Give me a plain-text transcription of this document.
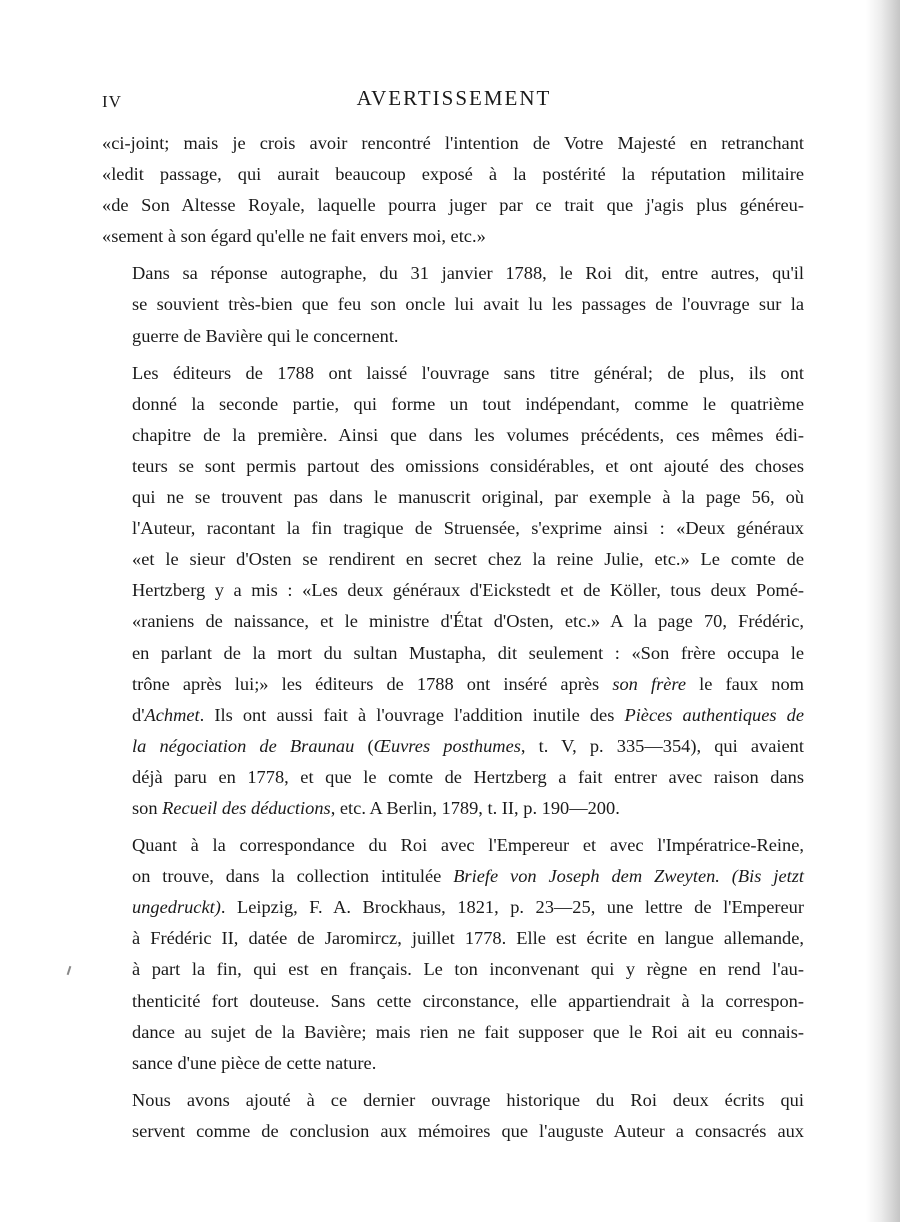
IV	AVERTISSEMENT

«ci-joint; mais je crois avoir rencontré l'intention de Votre Majesté en retranchant
«ledit passage, qui aurait beaucoup exposé à la postérité la réputation militaire
«de Son Altesse Royale, laquelle pourra juger par ce trait que j'agis plus généreu-
«sement à son égard qu'elle ne fait envers moi, etc.»

Dans sa réponse autographe, du 31 janvier 1788, le Roi dit, entre autres, qu'il
se souvient très-bien que feu son oncle lui avait lu les passages de l'ouvrage sur la
guerre de Bavière qui le concernent.

Les éditeurs de 1788 ont laissé l'ouvrage sans titre général; de plus, ils ont
donné la seconde partie, qui forme un tout indépendant, comme le quatrième
chapitre de la première. Ainsi que dans les volumes précédents, ces mêmes édi-
teurs se sont permis partout des omissions considérables, et ont ajouté des choses
qui ne se trouvent pas dans le manuscrit original, par exemple à la page 56, où
l'Auteur, racontant la fin tragique de Struensée, s'exprime ainsi : «Deux généraux
«et le sieur d'Osten se rendirent en secret chez la reine Julie, etc.» Le comte de
Hertzberg y a mis : «Les deux généraux d'Eickstedt et de Köller, tous deux Pomé-
«raniens de naissance, et le ministre d'État d'Osten, etc.» A la page 70, Frédéric,
en parlant de la mort du sultan Mustapha, dit seulement : «Son frère occupa le
trône après lui;» les éditeurs de 1788 ont inséré après son frère le faux nom
d'Achmet. Ils ont aussi fait à l'ouvrage l'addition inutile des Pièces authentiques de
la négociation de Braunau (Œuvres posthumes, t. V, p. 335—354), qui avaient
déjà paru en 1778, et que le comte de Hertzberg a fait entrer avec raison dans
son Recueil des déductions, etc. A Berlin, 1789, t. II, p. 190—200.

Quant à la correspondance du Roi avec l'Empereur et avec l'Impératrice-Reine,
on trouve, dans la collection intitulée Briefe von Joseph dem Zweyten. (Bis jetzt
ungedruckt). Leipzig, F. A. Brockhaus, 1821, p. 23—25, une lettre de l'Empereur
à Frédéric II, datée de Jaromircz, juillet 1778. Elle est écrite en langue allemande,
à part la fin, qui est en français. Le ton inconvenant qui y règne en rend l'au-
thenticité fort douteuse. Sans cette circonstance, elle appartiendrait à la correspon-
dance au sujet de la Bavière; mais rien ne fait supposer que le Roi ait eu connais-
sance d'une pièce de cette nature.

Nous avons ajouté à ce dernier ouvrage historique du Roi deux écrits qui
servent comme de conclusion aux mémoires que l'auguste Auteur a consacrés aux
